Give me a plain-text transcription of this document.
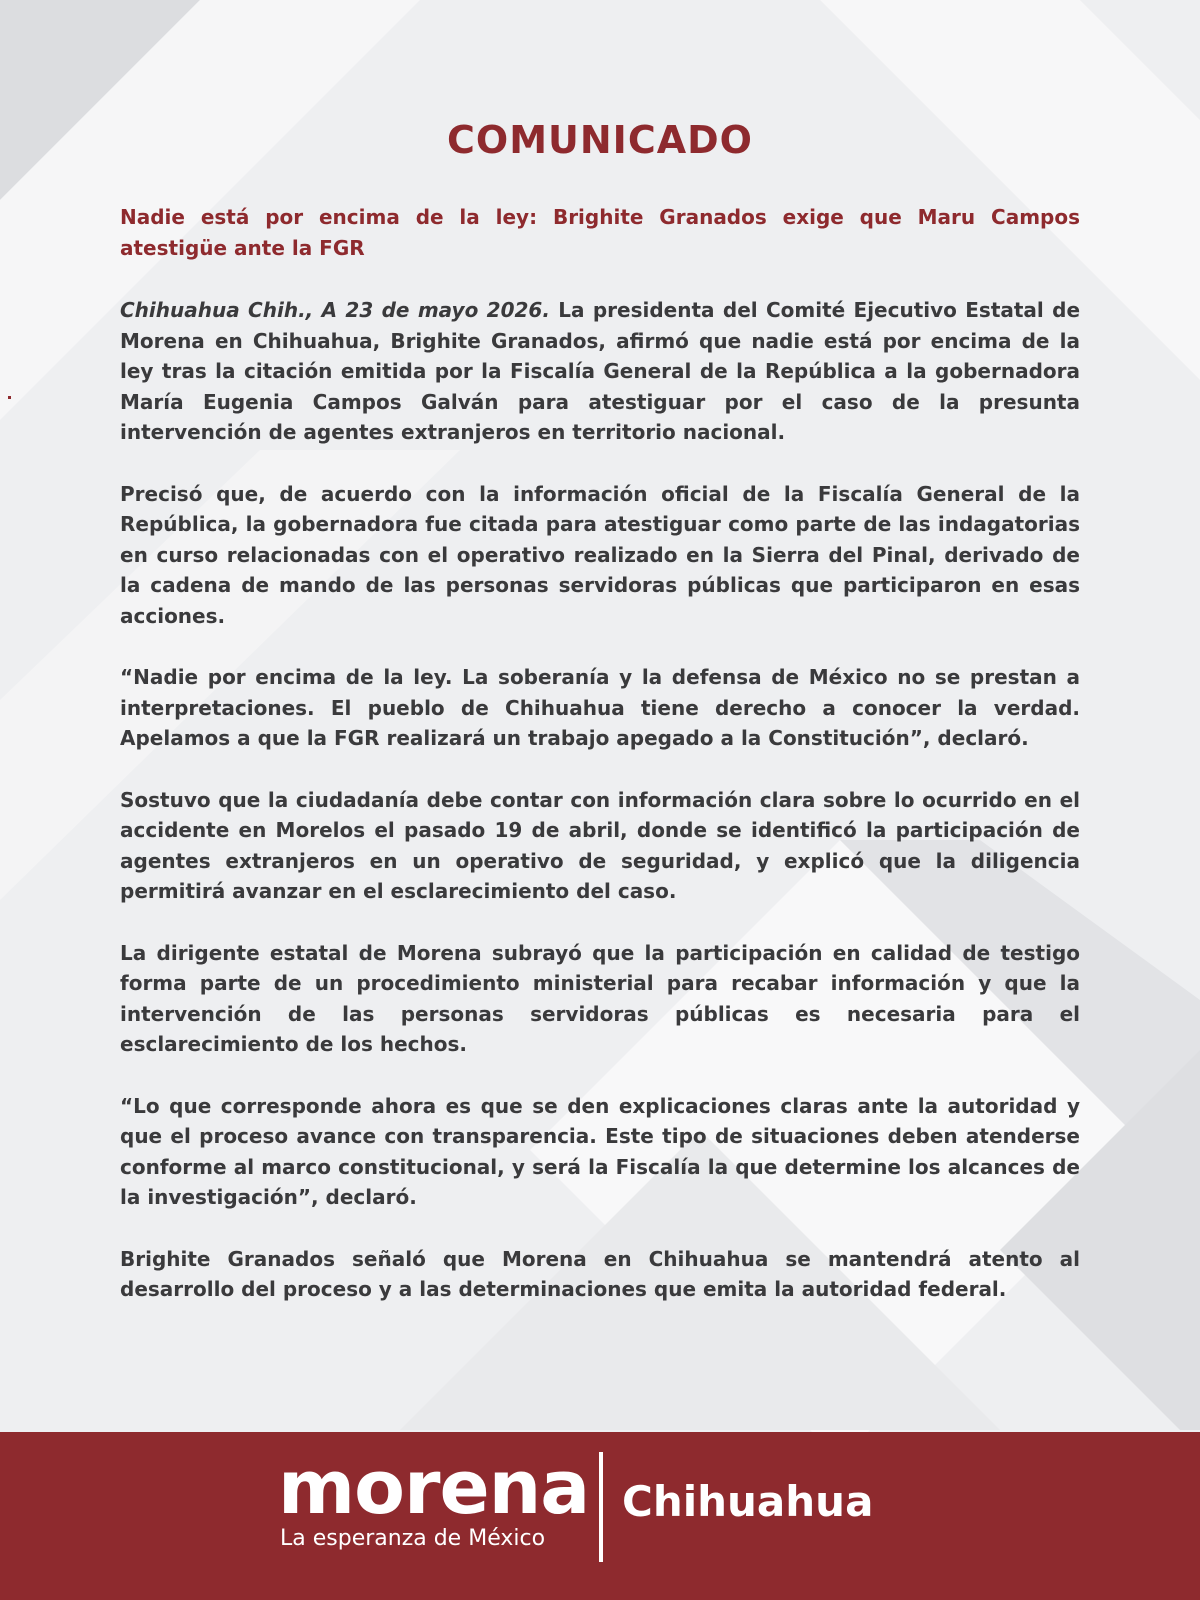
COMUNICADO

Nadie está por encima de la ley: Brighite Granados exige que Maru Campos atestigüe ante la FGR

Chihuahua Chih., A 23 de mayo 2026. La presidenta del Comité Ejecutivo Estatal de Morena en Chihuahua, Brighite Granados, afirmó que nadie está por encima de la ley tras la citación emitida por la Fiscalía General de la República a la gobernadora María Eugenia Campos Galván para atestiguar por el caso de la presunta intervención de agentes extranjeros en territorio nacional.

Precisó que, de acuerdo con la información oficial de la Fiscalía General de la República, la gobernadora fue citada para atestiguar como parte de las indagatorias en curso relacionadas con el operativo realizado en la Sierra del Pinal, derivado de la cadena de mando de las personas servidoras públicas que participaron en esas acciones.

“Nadie por encima de la ley. La soberanía y la defensa de México no se prestan a interpretaciones. El pueblo de Chihuahua tiene derecho a conocer la verdad. Apelamos a que la FGR realizará un trabajo apegado a la Constitución”, declaró.

Sostuvo que la ciudadanía debe contar con información clara sobre lo ocurrido en el accidente en Morelos el pasado 19 de abril, donde se identificó la participación de agentes extranjeros en un operativo de seguridad, y explicó que la diligencia permitirá avanzar en el esclarecimiento del caso.

La dirigente estatal de Morena subrayó que la participación en calidad de testigo forma parte de un procedimiento ministerial para recabar información y que la intervención de las personas servidoras públicas es necesaria para el esclarecimiento de los hechos.

“Lo que corresponde ahora es que se den explicaciones claras ante la autoridad y que el proceso avance con transparencia. Este tipo de situaciones deben atenderse conforme al marco constitucional, y será la Fiscalía la que determine los alcances de la investigación”, declaró.

Brighite Granados señaló que Morena en Chihuahua se mantendrá atento al desarrollo del proceso y a las determinaciones que emita la autoridad federal.

morena
La esperanza de México
Chihuahua
